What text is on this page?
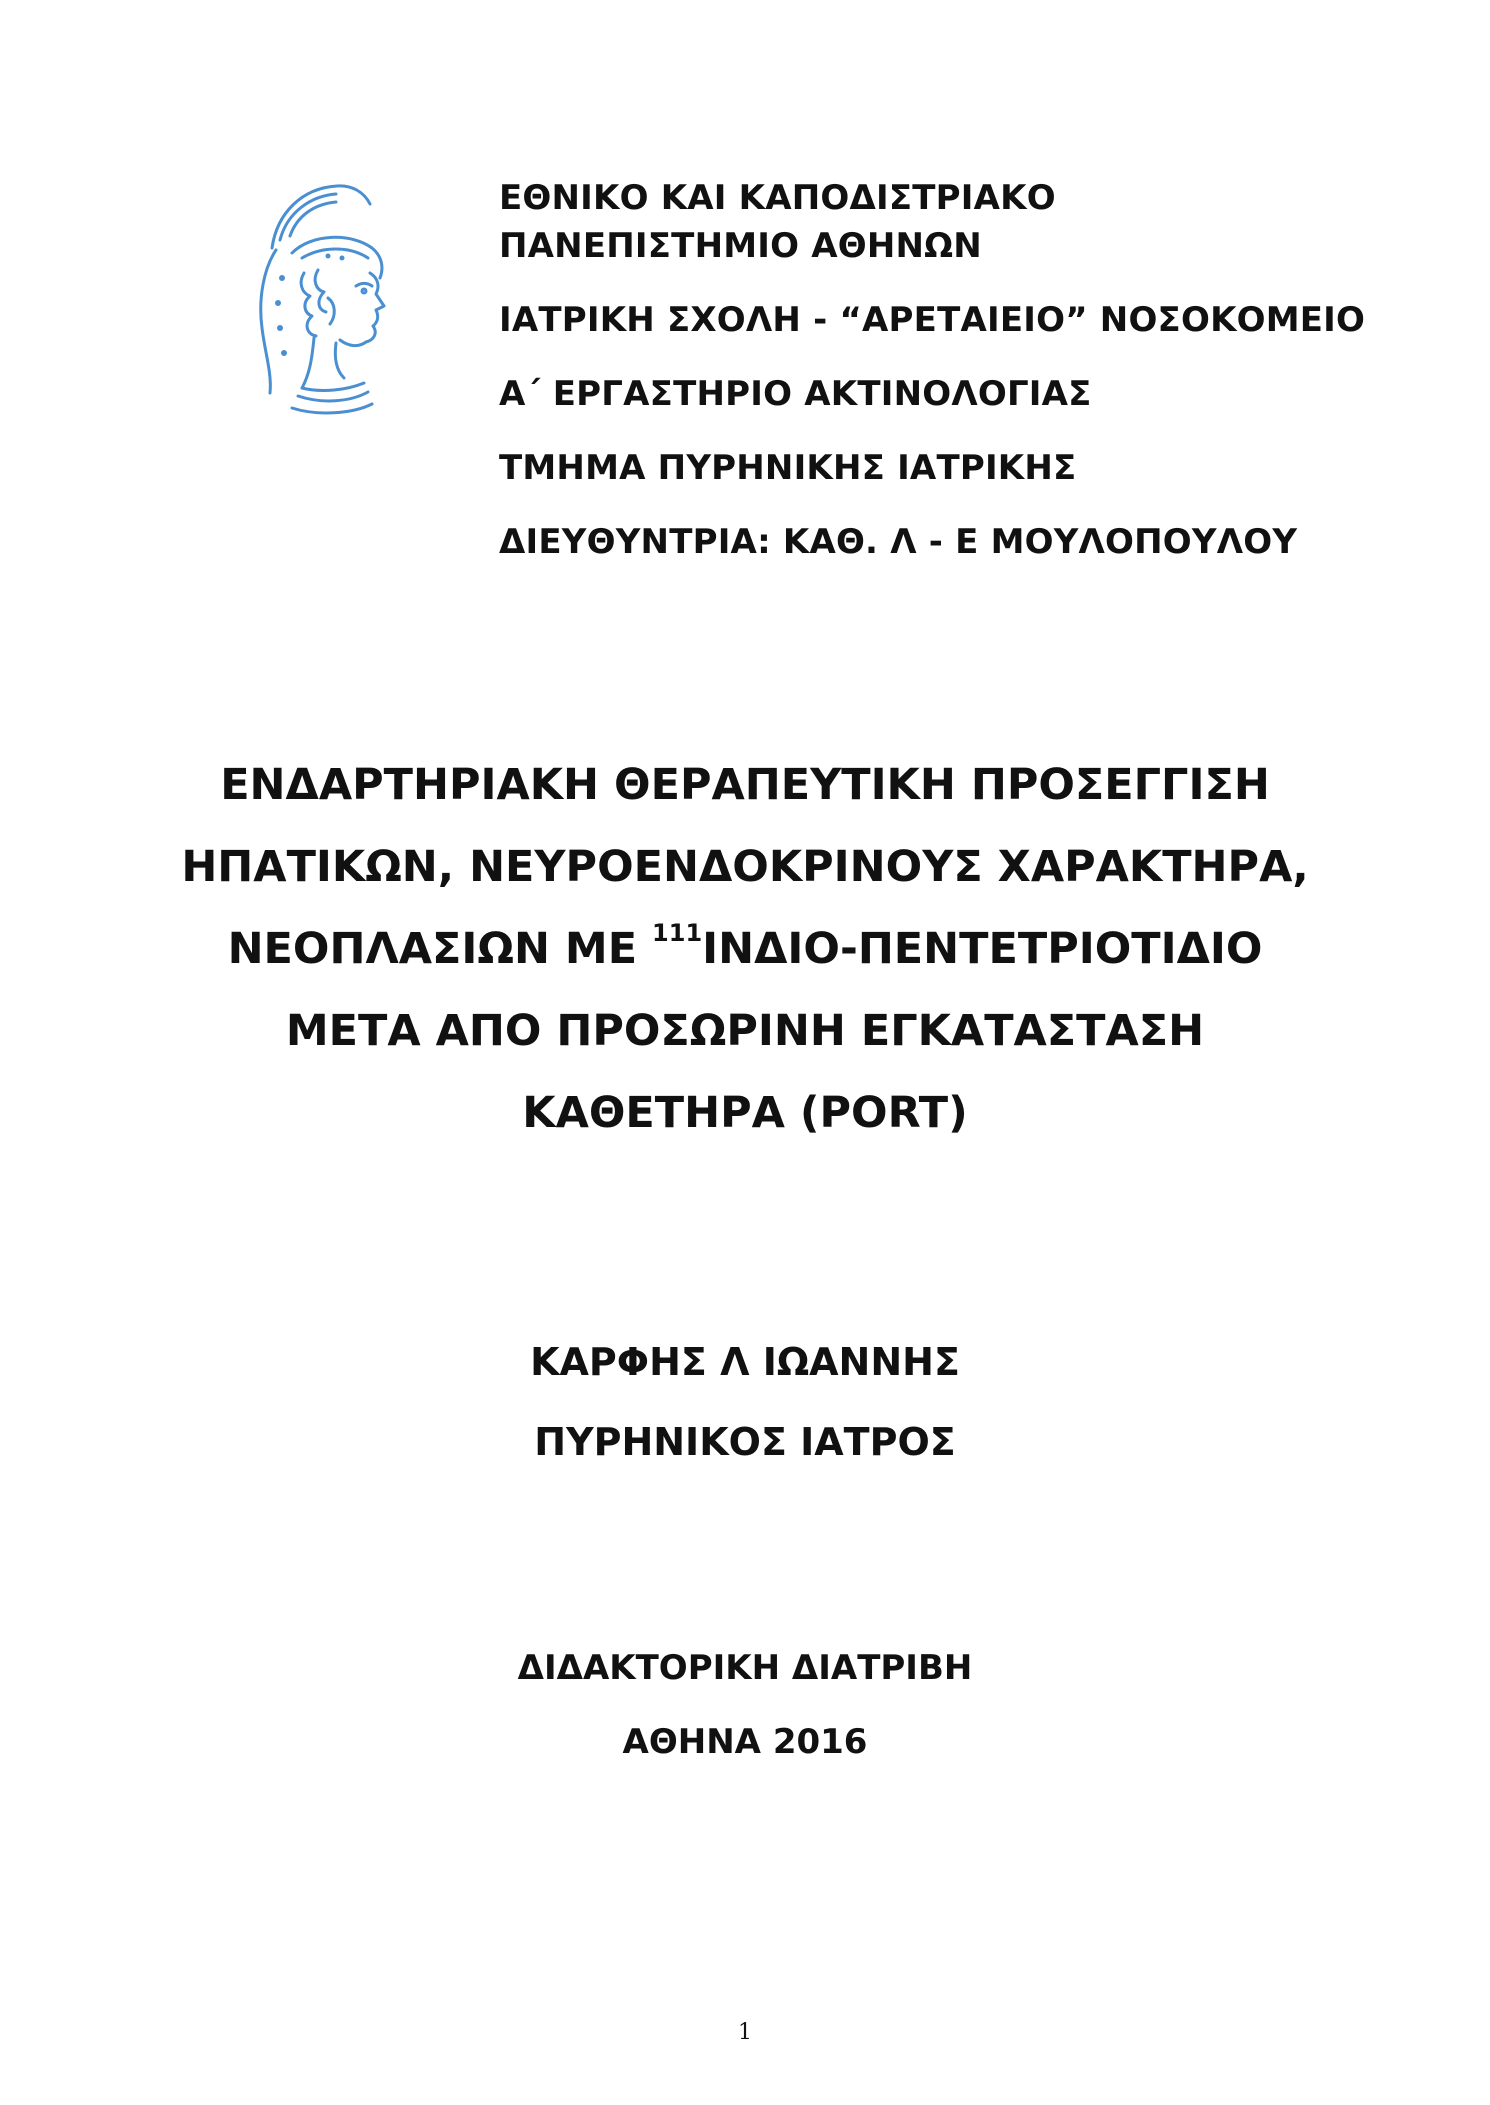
ΕΘΝΙΚΟ ΚΑΙ ΚΑΠΟΔΙΣΤΡΙΑΚΟ
ΠΑΝΕΠΙΣΤΗΜΙΟ ΑΘΗΝΩΝ
ΙΑΤΡΙΚΗ ΣΧΟΛΗ - “ΑΡΕΤΑΙΕΙΟ” ΝΟΣΟΚΟΜΕΙΟ
Α΄ ΕΡΓΑΣΤΗΡΙΟ ΑΚΤΙΝΟΛΟΓΙΑΣ
ΤΜΗΜΑ ΠΥΡΗΝΙΚΗΣ ΙΑΤΡΙΚΗΣ
ΔΙΕΥΘΥΝΤΡΙΑ: ΚΑΘ. Λ - Ε ΜΟΥΛΟΠΟΥΛΟΥ
ΕΝΔΑΡΤΗΡΙΑΚΗ ΘΕΡΑΠΕΥΤΙΚΗ ΠΡΟΣΕΓΓΙΣΗ
ΗΠΑΤΙΚΩΝ, ΝΕΥΡΟΕΝΔΟΚΡΙΝΟΥΣ ΧΑΡΑΚΤΗΡΑ,
ΝΕΟΠΛΑΣΙΩΝ ΜΕ $^{111}$ΙΝΔΙΟ-ΠΕΝΤΕΤΡΙΟΤΙΔΙΟ
ΜΕΤΑ ΑΠΟ ΠΡΟΣΩΡΙΝΗ ΕΓΚΑΤΑΣΤΑΣΗ
ΚΑΘΕΤΗΡΑ (PORT)
ΚΑΡΦΗΣ Λ ΙΩΑΝΝΗΣ
ΠΥΡΗΝΙΚΟΣ ΙΑΤΡΟΣ
ΔΙΔΑΚΤΟΡΙΚΗ ΔΙΑΤΡΙΒΗ
ΑΘΗΝΑ 2016
1
